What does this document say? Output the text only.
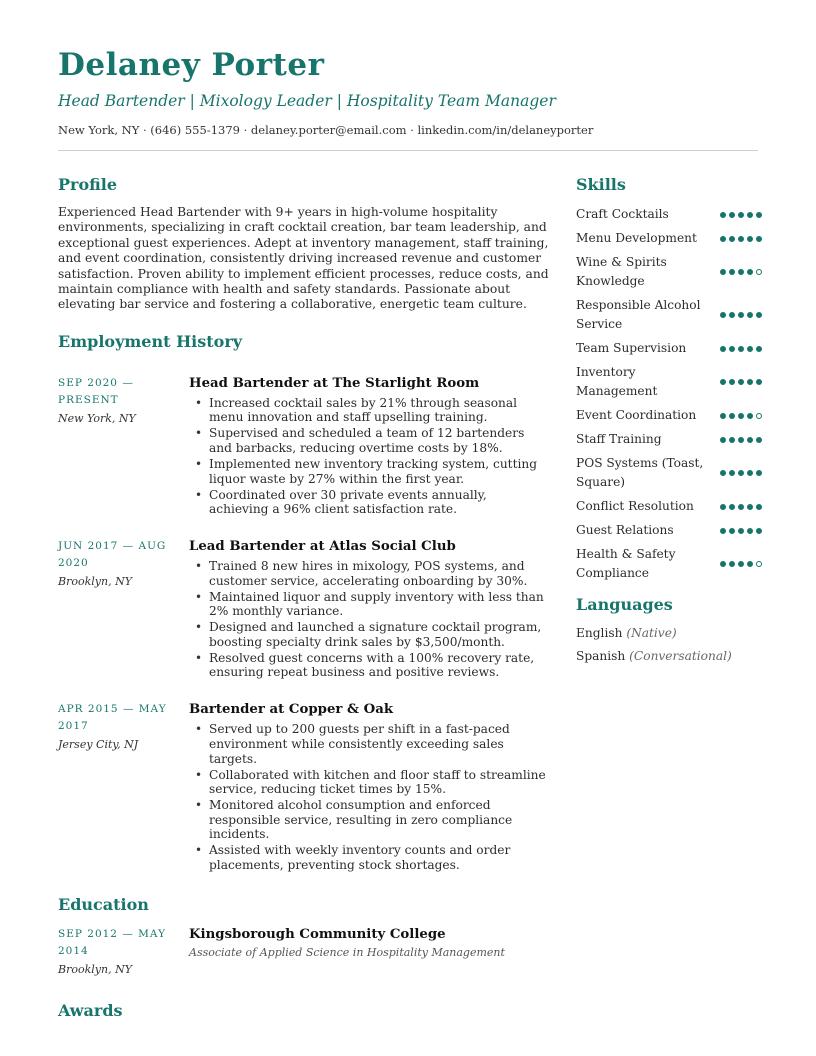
Delaney Porter
Head Bartender | Mixology Leader | Hospitality Team Manager
New York, NY · (646) 555-1379 · delaney.porter@email.com · linkedin.com/in/delaneyporter
Profile
Experienced Head Bartender with 9+ years in high-volume hospitality environments, specializing in craft cocktail creation, bar team leadership, and exceptional guest experiences. Adept at inventory management, staff training, and event coordination, consistently driving increased revenue and customer satisfaction. Proven ability to implement efficient processes, reduce costs, and maintain compliance with health and safety standards. Passionate about elevating bar service and fostering a collaborative, energetic team culture.
Employment History
SEP 2020 — PRESENT
New York, NY
Head Bartender at The Starlight Room
• Increased cocktail sales by 21% through seasonal menu innovation and staff upselling training.
• Supervised and scheduled a team of 12 bartenders and barbacks, reducing overtime costs by 18%.
• Implemented new inventory tracking system, cutting liquor waste by 27% within the first year.
• Coordinated over 30 private events annually, achieving a 96% client satisfaction rate.
JUN 2017 — AUG 2020
Brooklyn, NY
Lead Bartender at Atlas Social Club
• Trained 8 new hires in mixology, POS systems, and customer service, accelerating onboarding by 30%.
• Maintained liquor and supply inventory with less than 2% monthly variance.
• Designed and launched a signature cocktail program, boosting specialty drink sales by $3,500/month.
• Resolved guest concerns with a 100% recovery rate, ensuring repeat business and positive reviews.
APR 2015 — MAY 2017
Jersey City, NJ
Bartender at Copper & Oak
• Served up to 200 guests per shift in a fast-paced environment while consistently exceeding sales targets.
• Collaborated with kitchen and floor staff to streamline service, reducing ticket times by 15%.
• Monitored alcohol consumption and enforced responsible service, resulting in zero compliance incidents.
• Assisted with weekly inventory counts and order placements, preventing stock shortages.
Education
SEP 2012 — MAY 2014
Brooklyn, NY
Kingsborough Community College
Associate of Applied Science in Hospitality Management
Awards
Skills
Craft Cocktails
Menu Development
Wine & Spirits Knowledge
Responsible Alcohol Service
Team Supervision
Inventory Management
Event Coordination
Staff Training
POS Systems (Toast, Square)
Conflict Resolution
Guest Relations
Health & Safety Compliance
Languages
English (Native)
Spanish (Conversational)
